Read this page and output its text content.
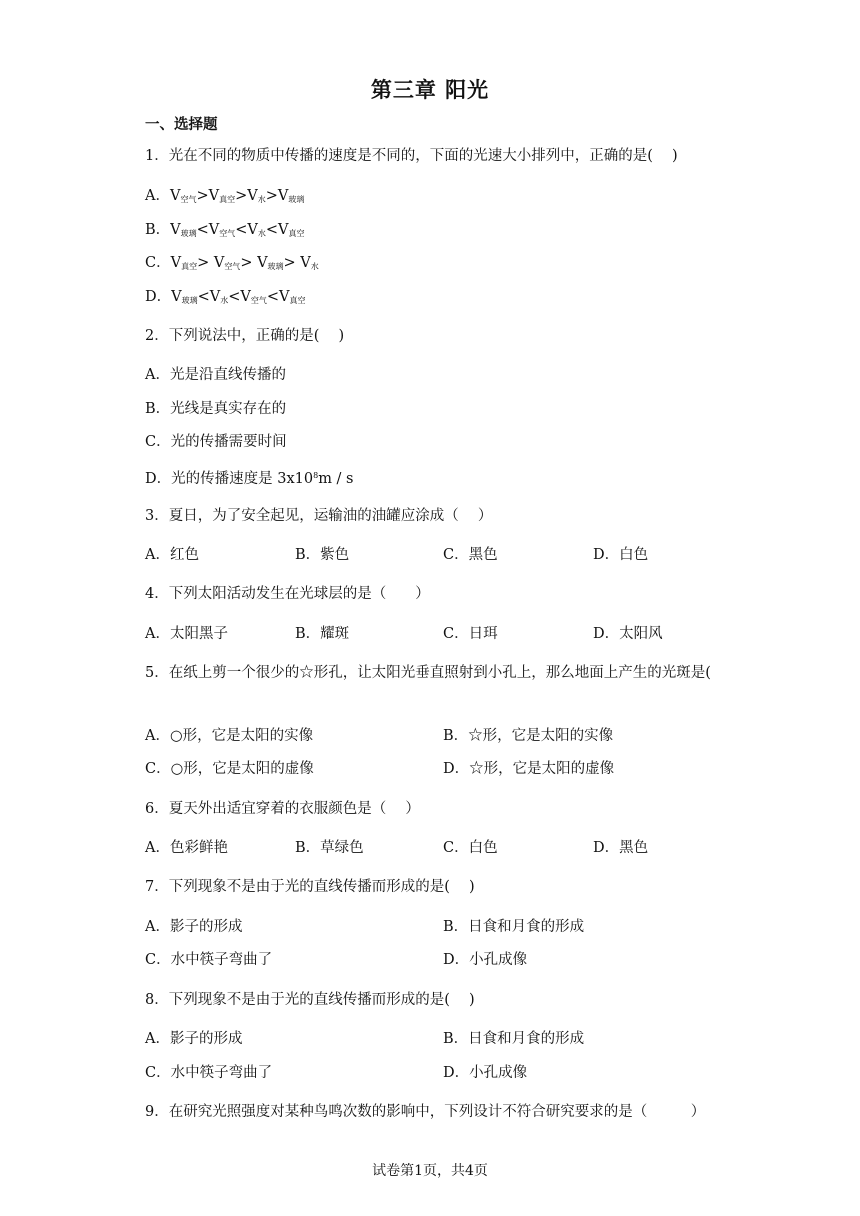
第三章 阳光
一、选择题
1．光在不同的物质中传播的速度是不同的，下面的光速大小排列中，正确的是(　 )
A．$V_{空气}>V_{真空}>V_水>V_{玻璃}$
B．$V_{玻璃}<V_{空气}<V_水<V_{真空}$
C．$V_{真空}> V_{空气}> V_{玻璃}> V_水$
D．$V_{玻璃}<V_水<V_{空气}<V_{真空}$
2．下列说法中，正确的是(　 )
A．光是沿直线传播的
B．光线是真实存在的
C．光的传播需要时间
D．光的传播速度是 $3x10^8m$ / s
3．夏日，为了安全起见，运输油的油罐应涂成（　 ）
A．红色	B．紫色	C．黑色	D．白色
4．下列太阳活动发生在光球层的是（　　）
A．太阳黑子	B．耀斑	C．日珥	D．太阳风
5．在纸上剪一个很少的☆形孔，让太阳光垂直照射到小孔上，那么地面上产生的光斑是(
A．○形，它是太阳的实像	B．☆形，它是太阳的实像
C．○形，它是太阳的虚像	D．☆形，它是太阳的虚像
6．夏天外出适宜穿着的衣服颜色是（　 ）
A．色彩鲜艳	B．草绿色	C．白色	D．黑色
7．下列现象不是由于光的直线传播而形成的是(　 )
A．影子的形成	B．日食和月食的形成
C．水中筷子弯曲了	D．小孔成像
8．下列现象不是由于光的直线传播而形成的是(　 )
A．影子的形成	B．日食和月食的形成
C．水中筷子弯曲了	D．小孔成像
9．在研究光照强度对某种鸟鸣次数的影响中，下列设计不符合研究要求的是（　　　）
试卷第1页，共4页
